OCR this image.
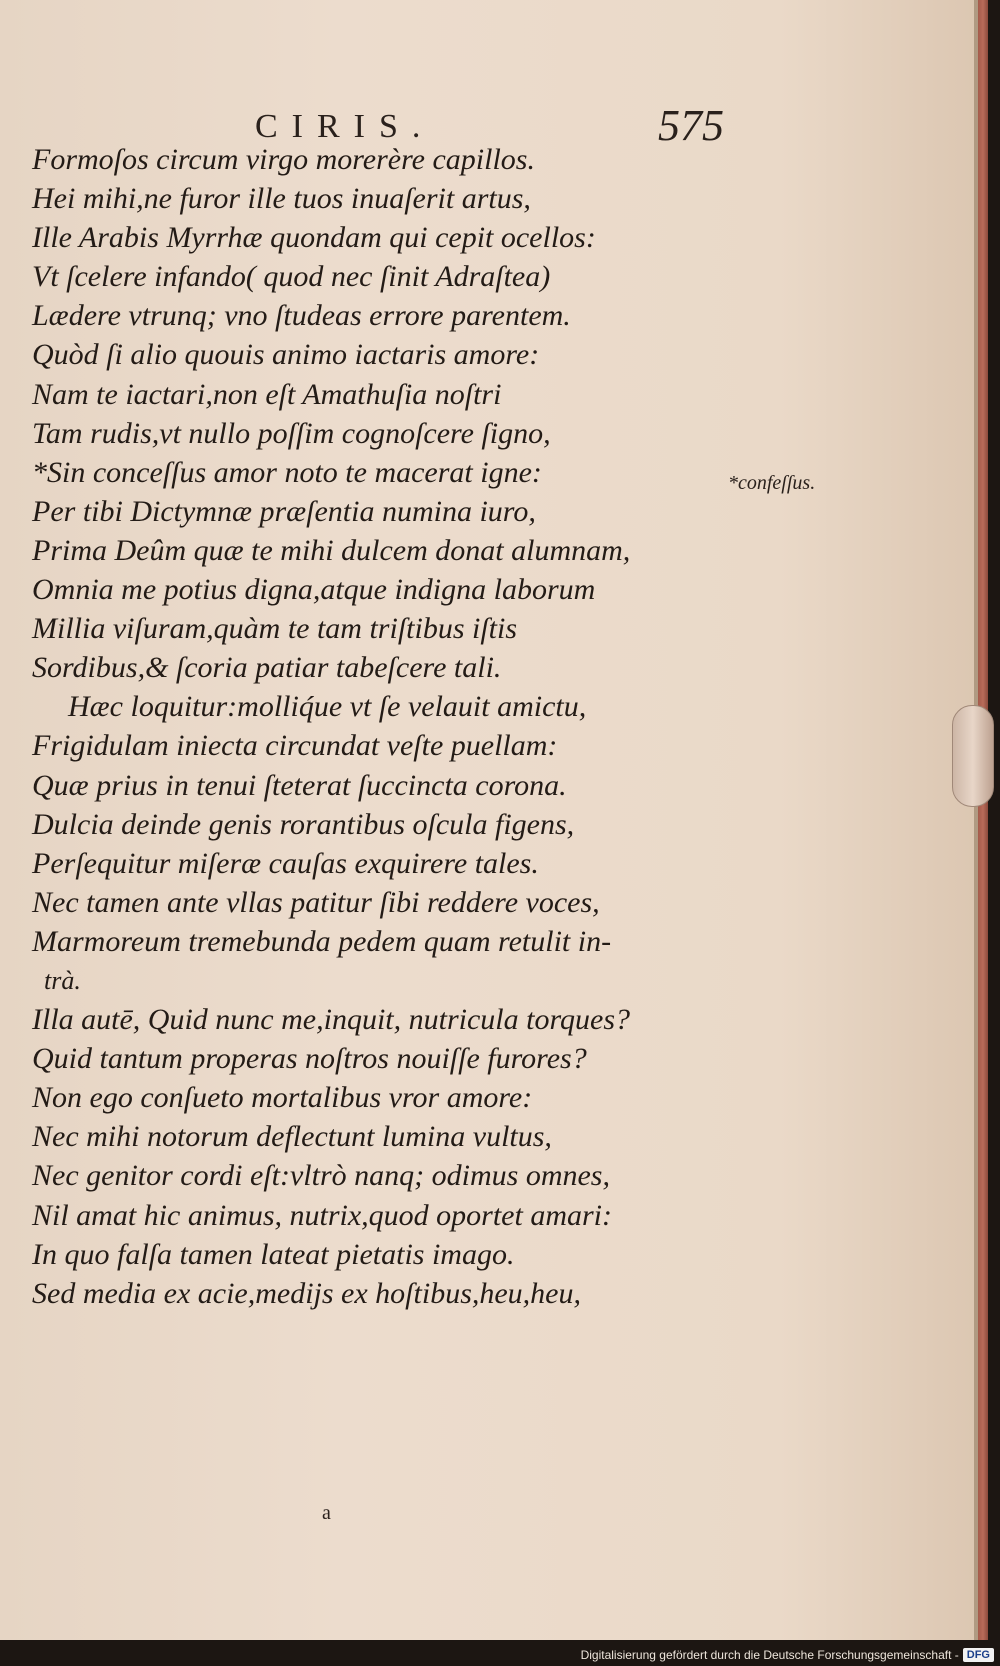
CIRIS.	575
Formoſos circum virgo morerère capillos.
Hei mihi,ne furor ille tuos inuaſerit artus,
Ille Arabis Myrrhæ quondam qui cepit ocellos:
Vt ſcelere infando( quod nec ſinit Adraſtea)
Lædere vtrunq; vno ſtudeas errore parentem.
Quòd ſi alio quouis animo iactaris amore:
Nam te iactari,non eſt Amathuſia noſtri
Tam rudis,vt nullo poſſim cognoſcere ſigno,
*Sin conceſſus amor noto te macerat igne:
Per tibi Dictymnæ præſentia numina iuro,
Prima Deûm quæ te mihi dulcem donat alumnam,
Omnia me potius digna,atque indigna laborum
Millia viſuram,quàm te tam triſtibus iſtis
Sordibus,& ſcoria patiar tabeſcere tali.
Hæc loquitur:molliq́ue vt ſe velauit amictu,
Frigidulam iniecta circundat veſte puellam:
Quæ prius in tenui ſteterat ſuccincta corona.
Dulcia deinde genis rorantibus oſcula figens,
Perſequitur miſeræ cauſas exquirere tales.
Nec tamen ante vllas patitur ſibi reddere voces,
Marmoreum tremebunda pedem quam retulit in-
trà.
Illa autē, Quid nunc me,inquit, nutricula torques?
Quid tantum properas noſtros nouiſſe furores?
Non ego conſueto mortalibus vror amore:
Nec mihi notorum deflectunt lumina vultus,
Nec genitor cordi eſt:vltrò nanq; odimus omnes,
Nil amat hic animus, nutrix,quod oportet amari:
In quo falſa tamen lateat pietatis imago.
Sed media ex acie,medijs ex hoſtibus,heu,heu,
*confeſſus.
a
Digitalisierung gefördert durch die Deutsche Forschungsgemeinschaft - DFG
